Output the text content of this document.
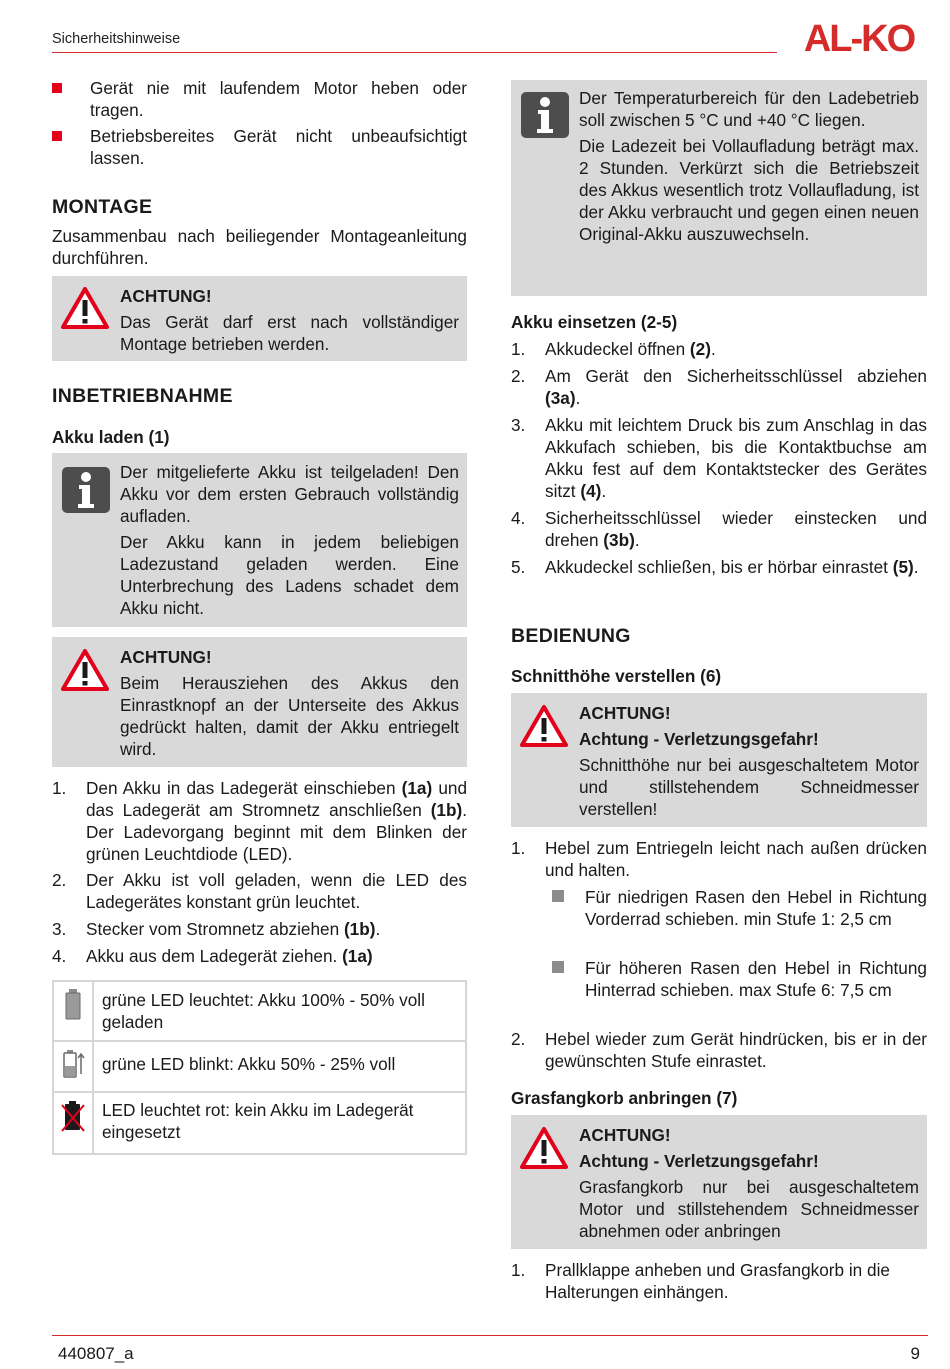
Sicherheitshinweise	AL-KO

Gerät nie mit laufendem Motor heben oder tragen.

Betriebsbereites Gerät nicht unbeaufsichtigt lassen.

MONTAGE

Zusammenbau nach beiliegender Montageanleitung durchführen.

ACHTUNG!

Das Gerät darf erst nach vollständiger Montage betrieben werden.

INBETRIEBNAHME
Akku laden (1)

Der mitgelieferte Akku ist teilgeladen! Den Akku vor dem ersten Gebrauch vollständig aufladen.

Der Akku kann in jedem beliebigen Ladezustand geladen werden. Eine Unterbrechung des Ladens schadet dem Akku nicht.

ACHTUNG!

Beim Herausziehen des Akkus den Einrastknopf an der Unterseite des Akkus gedrückt halten, damit der Akku entriegelt wird.

1. Den Akku in das Ladegerät einschieben (1a) und das Ladegerät am Stromnetz anschließen (1b). Der Ladevorgang beginnt mit dem Blinken der grünen Leuchtdiode (LED).

2. Der Akku ist voll geladen, wenn die LED des Ladegerätes konstant grün leuchtet.

3. Stecker vom Stromnetz abziehen (1b).

4. Akku aus dem Ladegerät ziehen. (1a)

	grüne LED leuchtet: Akku 100% - 50% voll geladen
	grüne LED blinkt: Akku 50% - 25% voll
	LED leuchtet rot: kein Akku im Ladegerät eingesetzt

Der Temperaturbereich für den Ladebetrieb soll zwischen 5 °C und +40 °C liegen.

Die Ladezeit bei Vollaufladung beträgt max. 2 Stunden. Verkürzt sich die Betriebszeit des Akkus wesentlich trotz Vollaufladung, ist der Akku verbraucht und gegen einen neuen Original-Akku auszuwechseln.

Akku einsetzen (2-5)
1. Akkudeckel öffnen (2).

2. Am Gerät den Sicherheitsschlüssel abziehen (3a).

3. Akku mit leichtem Druck bis zum Anschlag in das Akkufach schieben, bis die Kontaktbuchse am Akku fest auf dem Kontaktstecker des Gerätes sitzt (4).

4. Sicherheitsschlüssel wieder einstecken und drehen (3b).

5. Akkudeckel schließen, bis er hörbar einrastet (5).

BEDIENUNG
Schnitthöhe verstellen (6)

ACHTUNG!

Achtung - Verletzungsgefahr!

Schnitthöhe nur bei ausgeschaltetem Motor und stillstehendem Schneidmesser verstellen!

1. Hebel zum Entriegeln leicht nach außen drücken und halten.

Für niedrigen Rasen den Hebel in Richtung Vorderrad schieben. min Stufe 1: 2,5 cm

Für höheren Rasen den Hebel in Richtung Hinterrad schieben. max Stufe 6: 7,5 cm

2. Hebel wieder zum Gerät hindrücken, bis er in der gewünschten Stufe einrastet.

Grasfangkorb anbringen (7)

ACHTUNG!

Achtung - Verletzungsgefahr!

Grasfangkorb nur bei ausgeschaltetem Motor und stillstehendem Schneidmesser abnehmen oder anbringen

1. Prallklappe anheben und Grasfangkorb in die Halterungen einhängen.

440807_a	9
